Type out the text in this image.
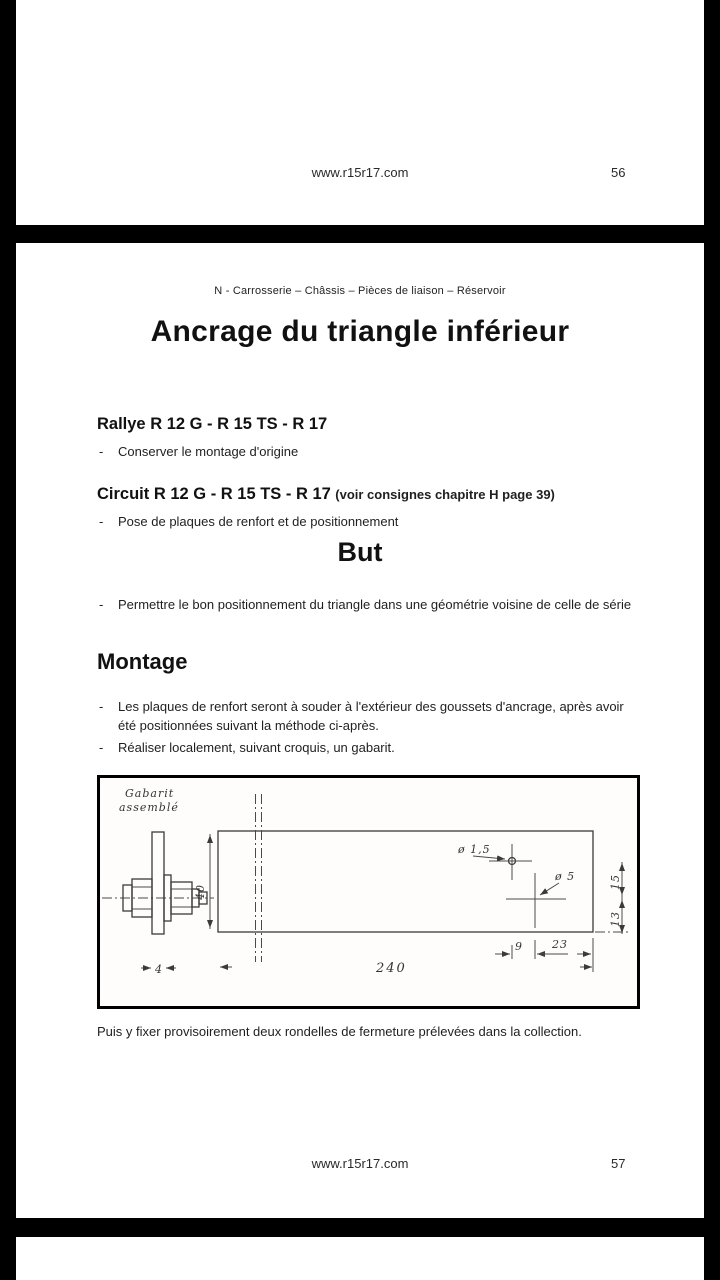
www.r15r17.com	56
N - Carrosserie – Châssis – Pièces de liaison – Réservoir
Ancrage du triangle inférieur
Rallye R 12 G - R 15 TS - R 17
-	Conserver le montage d'origine
Circuit R 12 G - R 15 TS - R 17 (voir consignes chapitre H page 39)
-	Pose de plaques de renfort et de positionnement
But
-	Permettre le bon positionnement du triangle dans une géométrie voisine de celle de série
Montage
-	Les plaques de renfort seront à souder à l'extérieur des goussets d'ancrage, après avoir été positionnées suivant la méthode ci-après.
-	Réaliser localement, suivant croquis, un gabarit.
Gabarit
assemblé
4
40
ø 1,5
ø 5	15
13
9	23
240
Puis y fixer provisoirement deux rondelles de fermeture prélevées dans la collection.
www.r15r17.com	57
